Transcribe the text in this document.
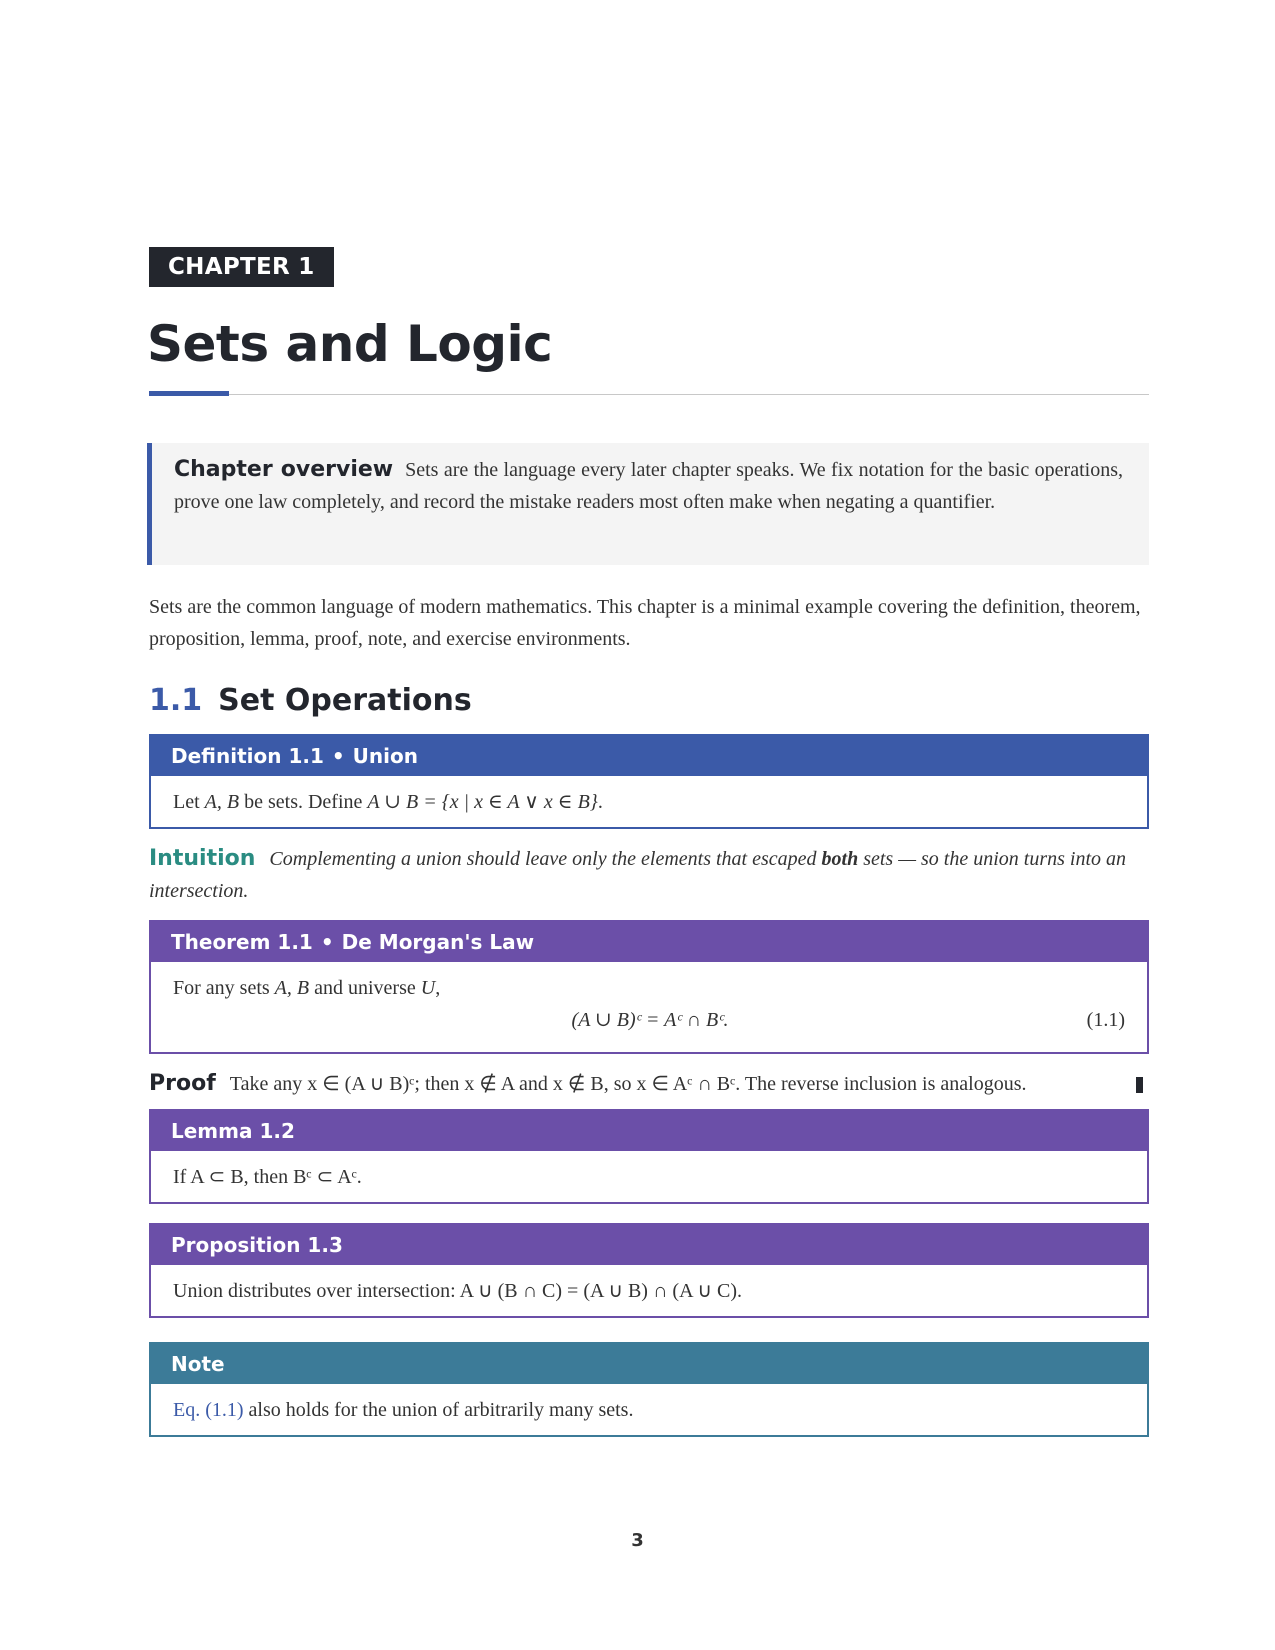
CHAPTER 1
Sets and Logic
Chapter overview Sets are the language every later chapter speaks. We fix notation for the basic operations, prove one law completely, and record the mistake readers most often make when negating a quantifier.
Sets are the common language of modern mathematics. This chapter is a minimal example covering the definition, theorem, proposition, lemma, proof, note, and exercise environments.
1.1 Set Operations
Definition 1.1 • Union
Let A, B be sets. Define A ∪ B = {x | x ∈ A ∨ x ∈ B}.
Intuition Complementing a union should leave only the elements that escaped both sets — so the union turns into an intersection.
Theorem 1.1 • De Morgan's Law
For any sets A, B and universe U,
(A ∪ B)ᶜ = Aᶜ ∩ Bᶜ.	(1.1)
Proof Take any x ∈ (A ∪ B)ᶜ; then x ∉ A and x ∉ B, so x ∈ Aᶜ ∩ Bᶜ. The reverse inclusion is analogous.
Lemma 1.2
If A ⊂ B, then Bᶜ ⊂ Aᶜ.
Proposition 1.3
Union distributes over intersection: A ∪ (B ∩ C) = (A ∪ B) ∩ (A ∪ C).
Note
Eq. (1.1) also holds for the union of arbitrarily many sets.
3
